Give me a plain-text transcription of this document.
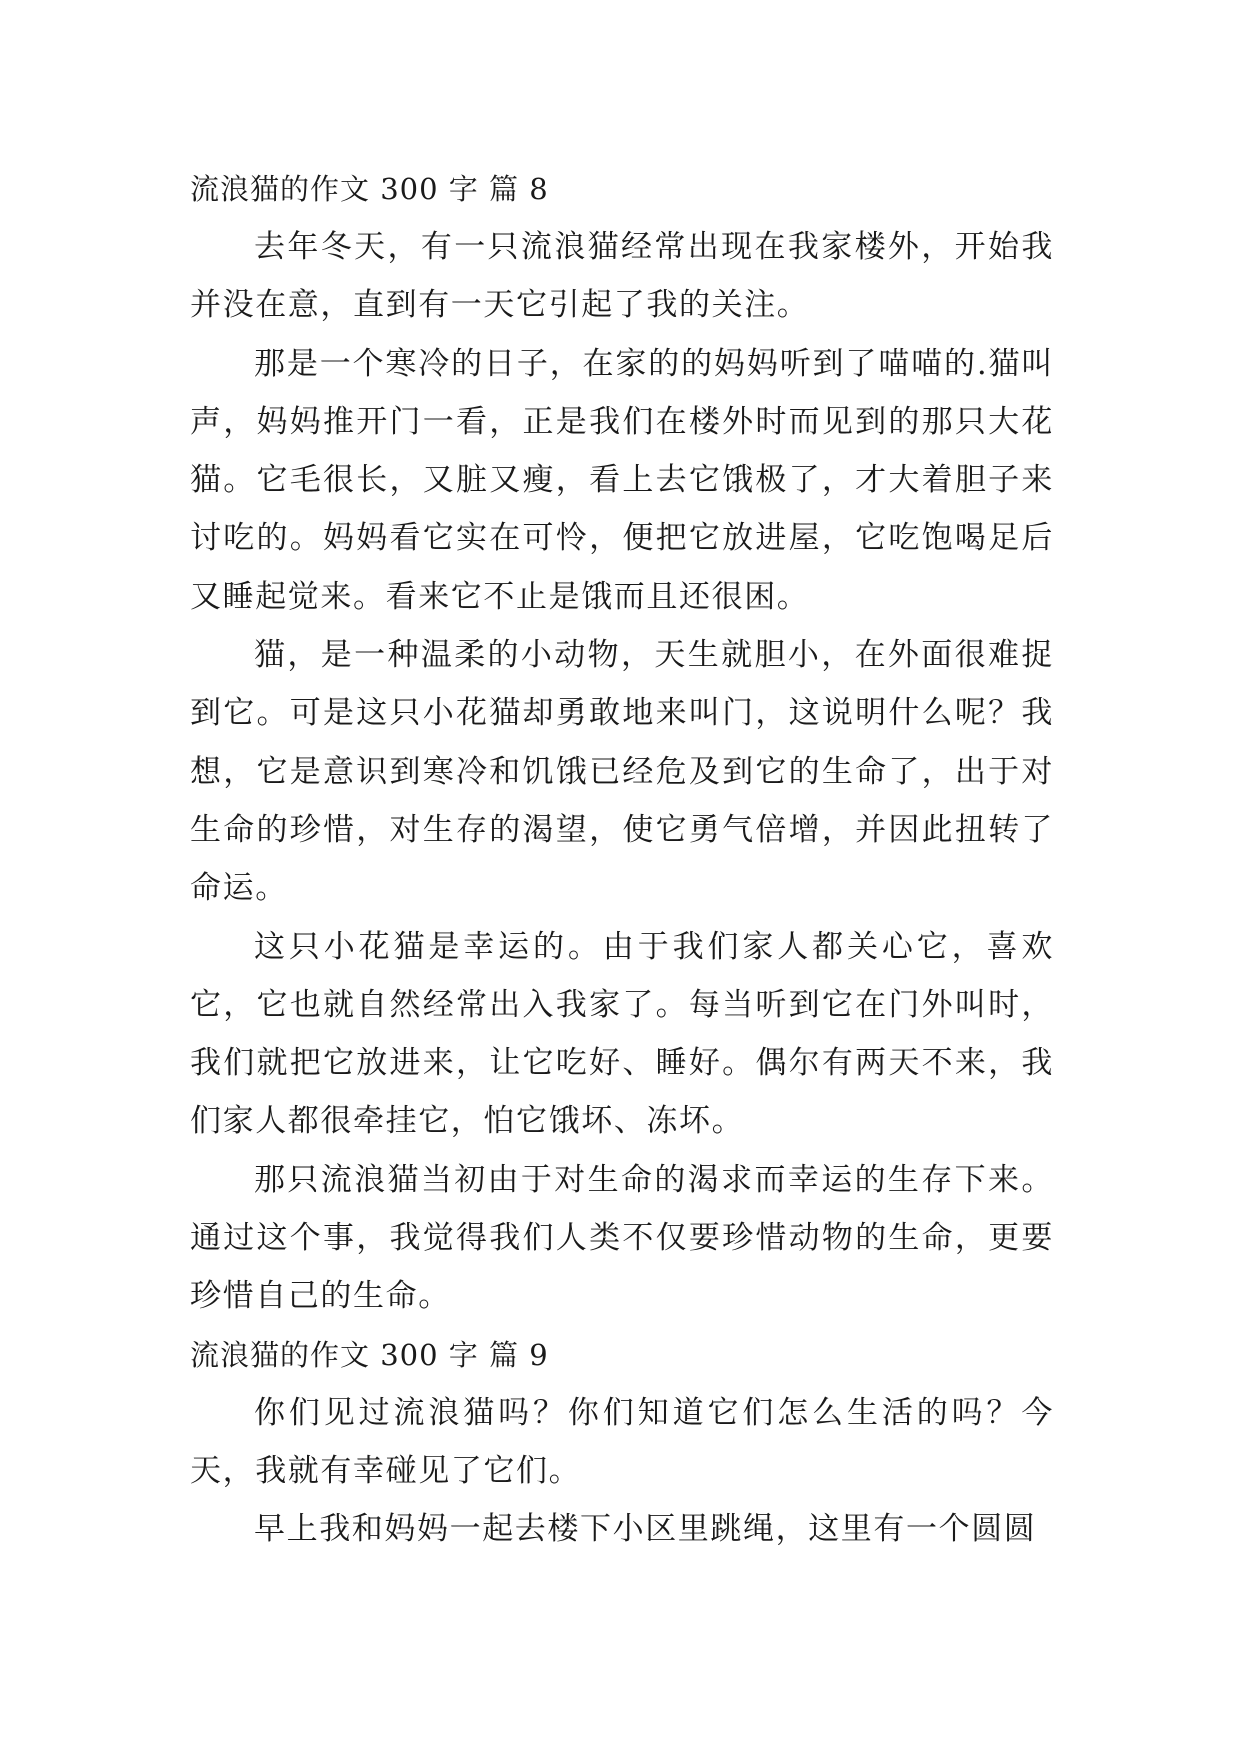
流浪猫的作文 300 字 篇 8

去年冬天，有一只流浪猫经常出现在我家楼外，开始我并没在意，直到有一天它引起了我的关注。

那是一个寒冷的日子，在家的的妈妈听到了喵喵的.猫叫声，妈妈推开门一看，正是我们在楼外时而见到的那只大花猫。它毛很长，又脏又瘦，看上去它饿极了，才大着胆子来讨吃的。妈妈看它实在可怜，便把它放进屋，它吃饱喝足后又睡起觉来。看来它不止是饿而且还很困。

猫，是一种温柔的小动物，天生就胆小，在外面很难捉到它。可是这只小花猫却勇敢地来叫门，这说明什么呢？我想，它是意识到寒冷和饥饿已经危及到它的生命了，出于对生命的珍惜，对生存的渴望，使它勇气倍增，并因此扭转了命运。

这只小花猫是幸运的。由于我们家人都关心它，喜欢它，它也就自然经常出入我家了。每当听到它在门外叫时，我们就把它放进来，让它吃好、睡好。偶尔有两天不来，我们家人都很牵挂它，怕它饿坏、冻坏。

那只流浪猫当初由于对生命的渴求而幸运的生存下来。通过这个事，我觉得我们人类不仅要珍惜动物的生命，更要珍惜自己的生命。

流浪猫的作文 300 字 篇 9

你们见过流浪猫吗？你们知道它们怎么生活的吗？今天，我就有幸碰见了它们。

早上我和妈妈一起去楼下小区里跳绳，这里有一个圆圆
